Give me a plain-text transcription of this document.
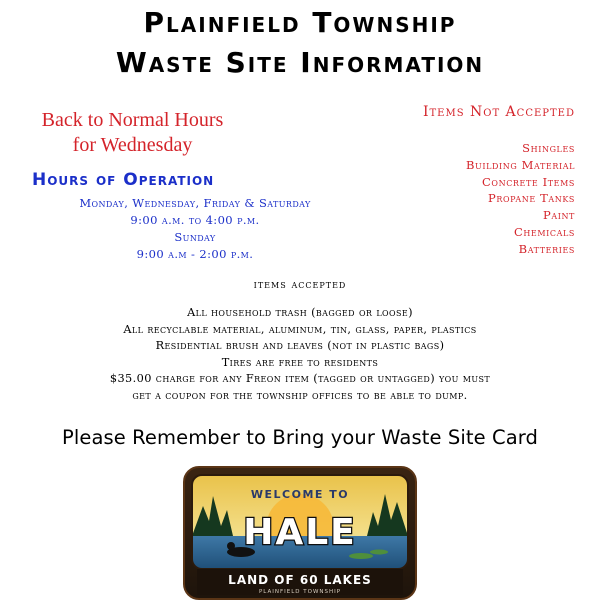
Plainfield Township
Waste Site Information
Back to Normal Hours
for Wednesday
Hours of Operation
Monday, Wednesday, Friday & Saturday
9:00 a.m. to 4:00 p.m.
Sunday
9:00 a.m - 2:00 p.m.
Items Not Accepted
Shingles
Building Material
Concrete Items
Propane Tanks
Paint
Chemicals
Batteries
items accepted
All household trash (bagged or loose)
All recyclable material, aluminum, tin, glass, paper, plastics
Residential brush and leaves (not in plastic bags)
Tires are free to residents
$35.00 charge for any Freon item (tagged or untagged) you must
get a coupon for the township offices to be able to dump.
Please Remember to Bring your Waste Site Card
WELCOME TO
HALE
LAND OF 60 LAKES
PLAINFIELD TOWNSHIP
